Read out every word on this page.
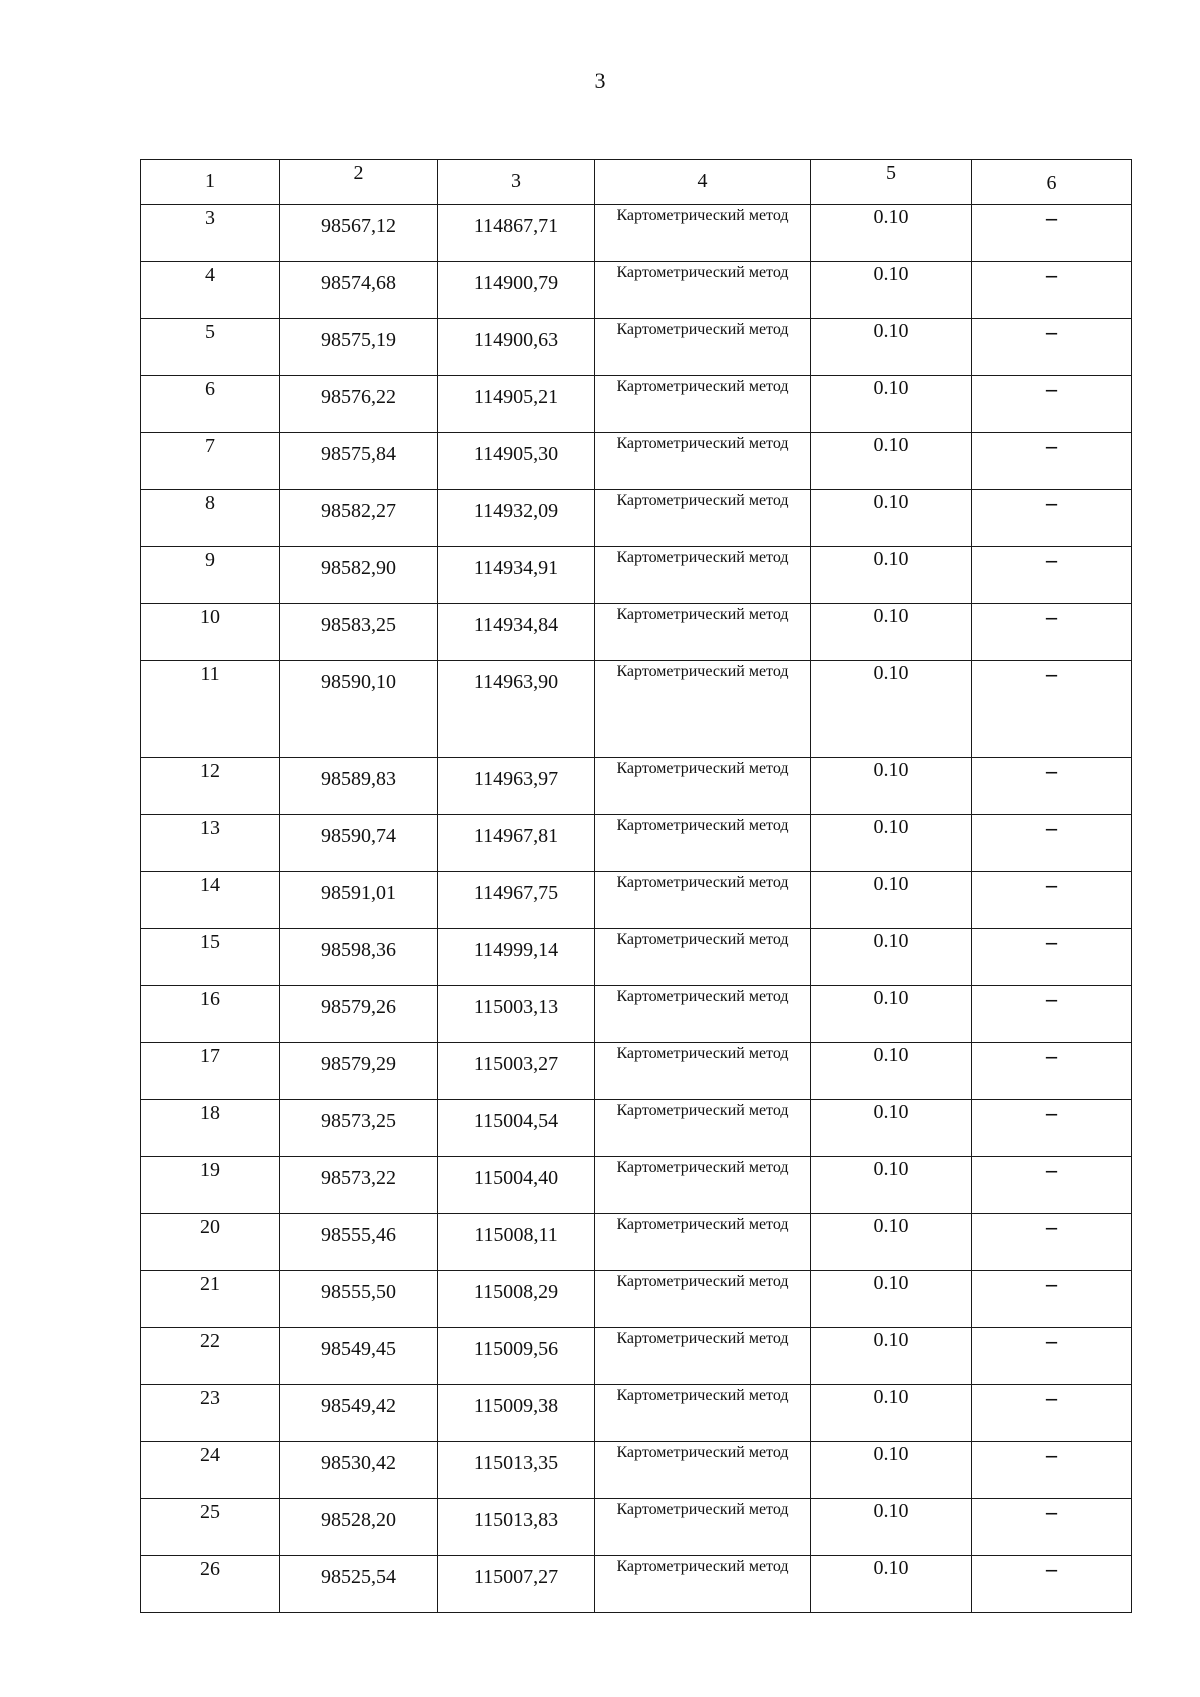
3
1	2	3	4	5	6

3	98567,12	114867,71	Картометрический метод	0.10	–

4	98574,68	114900,79	Картометрический метод	0.10	–

5	98575,19	114900,63	Картометрический метод	0.10	–

6	98576,22	114905,21	Картометрический метод	0.10	–

7	98575,84	114905,30	Картометрический метод	0.10	–

8	98582,27	114932,09	Картометрический метод	0.10	–

9	98582,90	114934,91	Картометрический метод	0.10	–

10	98583,25	114934,84	Картометрический метод	0.10	–

11	98590,10	114963,90	Картометрический метод	0.10	–

12	98589,83	114963,97	Картометрический метод	0.10	–

13	98590,74	114967,81	Картометрический метод	0.10	–

14	98591,01	114967,75	Картометрический метод	0.10	–

15	98598,36	114999,14	Картометрический метод	0.10	–

16	98579,26	115003,13	Картометрический метод	0.10	–

17	98579,29	115003,27	Картометрический метод	0.10	–

18	98573,25	115004,54	Картометрический метод	0.10	–

19	98573,22	115004,40	Картометрический метод	0.10	–

20	98555,46	115008,11	Картометрический метод	0.10	–

21	98555,50	115008,29	Картометрический метод	0.10	–

22	98549,45	115009,56	Картометрический метод	0.10	–

23	98549,42	115009,38	Картометрический метод	0.10	–

24	98530,42	115013,35	Картометрический метод	0.10	–

25	98528,20	115013,83	Картометрический метод	0.10	–

26	98525,54	115007,27	Картометрический метод	0.10	–
